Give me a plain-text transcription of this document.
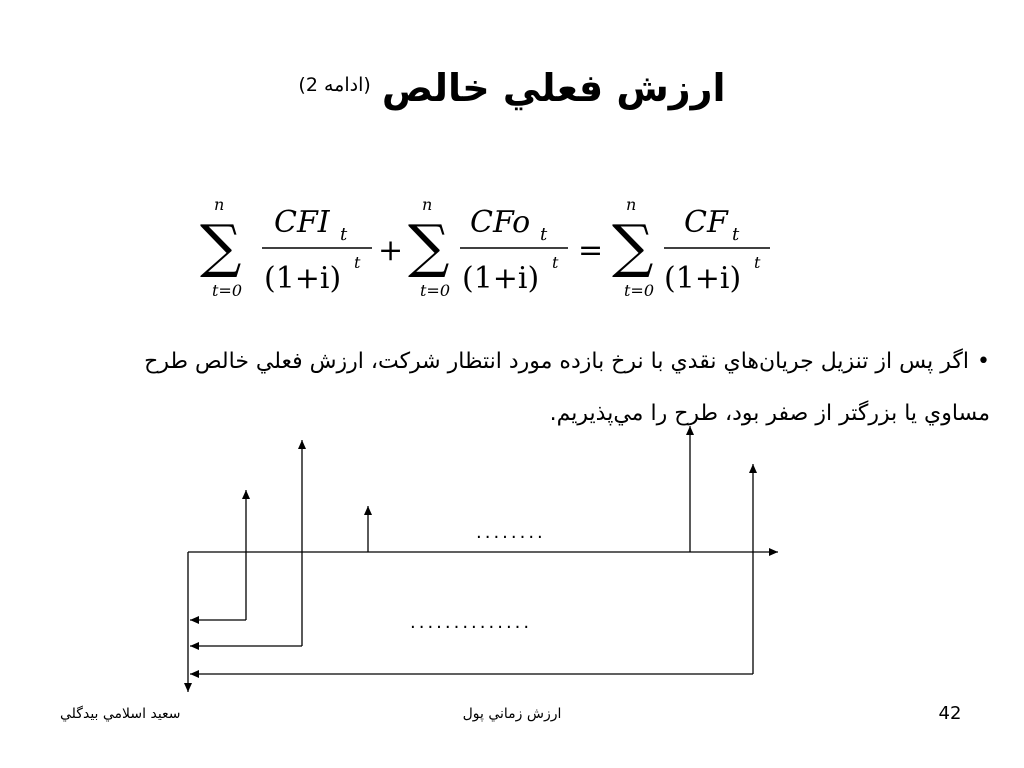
ارزش فعلي خالص (ادامه 2)
n
∑
t=0
CFI t
(1+i) t +
n
∑
t=0
CFo t
(1+i) t =
n
∑
t=0
CF t
(1+i) t
•اگر پس از تنزيل جريان‌هاي نقدي با نرخ بازده مورد انتظار شركت، ارزش فعلي خالص طرح مساوي يا بزرگتر از صفر بود، طرح را مي‌پذيريم.
........
..............
سعيد اسلامي بيدگلي	ارزش زماني پول	42
